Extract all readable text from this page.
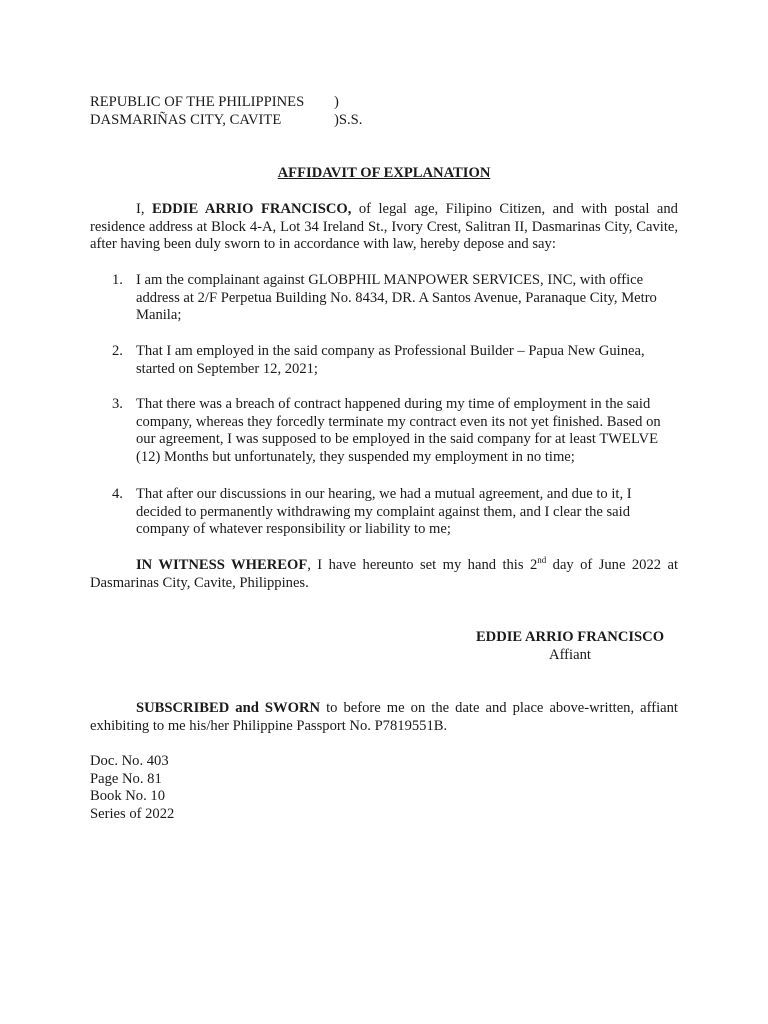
REPUBLIC OF THE PHILIPPINES )
DASMARIÑAS CITY, CAVITE	)S.S.
AFFIDAVIT OF EXPLANATION

I, EDDIE ARRIO FRANCISCO, of legal age, Filipino Citizen, and with postal and residence address at Block 4-A, Lot 34 Ireland St., Ivory Crest, Salitran II, Dasmarinas City, Cavite, after having been duly sworn to in accordance with law, hereby depose and say:

1. I am the complainant against GLOBPHIL MANPOWER SERVICES, INC, with office address at 2/F Perpetua Building No. 8434, DR. A Santos Avenue, Paranaque City, Metro Manila;
2. That I am employed in the said company as Professional Builder – Papua New Guinea, started on September 12, 2021;
3. That there was a breach of contract happened during my time of employment in the said company, whereas they forcedly terminate my contract even its not yet finished. Based on our agreement, I was supposed to be employed in the said company for at least TWELVE (12) Months but unfortunately, they suspended my employment in no time;
4. That after our discussions in our hearing, we had a mutual agreement, and due to it, I decided to permanently withdrawing my complaint against them, and I clear the said company of whatever responsibility or liability to me;

IN WITNESS WHEREOF, I have hereunto set my hand this 2nd day of June 2022 at Dasmarinas City, Cavite, Philippines.

EDDIE ARRIO FRANCISCO
Affiant

SUBSCRIBED and SWORN to before me on the date and place above-written, affiant exhibiting to me his/her Philippine Passport No. P7819551B.

Doc. No. 403
Page No. 81
Book No. 10
Series of 2022
